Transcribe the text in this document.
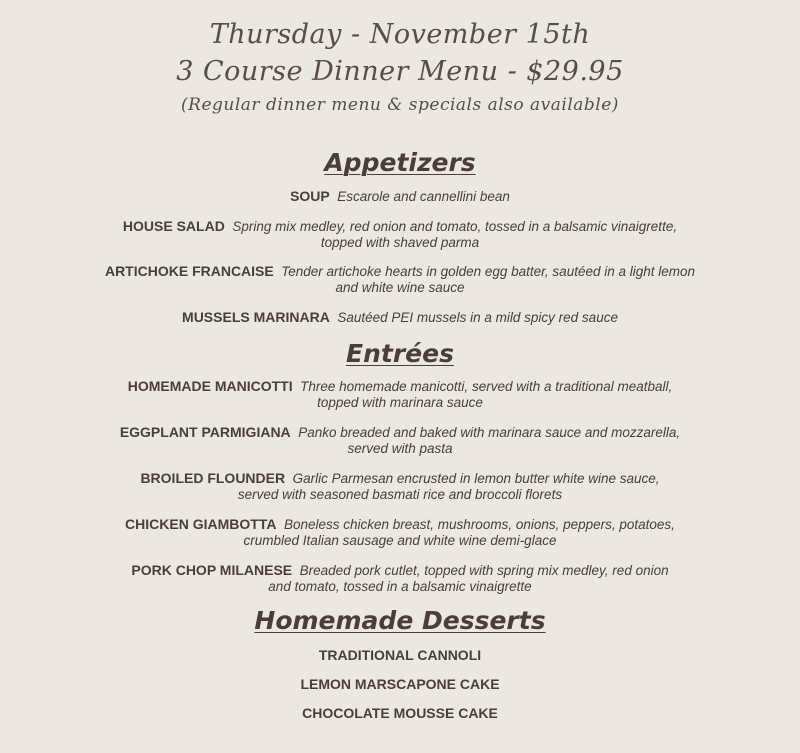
Thursday - November 15th

3 Course Dinner Menu - $29.95

(Regular dinner menu & specials also available)

Appetizers
SOUP Escarole and cannellini bean
HOUSE SALAD Spring mix medley, red onion and tomato, tossed in a balsamic vinaigrette,
topped with shaved parma
ARTICHOKE FRANCAISE Tender artichoke hearts in golden egg batter, sautéed in a light lemon
and white wine sauce
MUSSELS MARINARA Sautéed PEI mussels in a mild spicy red sauce
Entrées
HOMEMADE MANICOTTI Three homemade manicotti, served with a traditional meatball,
topped with marinara sauce
EGGPLANT PARMIGIANA Panko breaded and baked with marinara sauce and mozzarella,
served with pasta
BROILED FLOUNDER Garlic Parmesan encrusted in lemon butter white wine sauce,
served with seasoned basmati rice and broccoli florets
CHICKEN GIAMBOTTA Boneless chicken breast, mushrooms, onions, peppers, potatoes,
crumbled Italian sausage and white wine demi-glace
PORK CHOP MILANESE Breaded pork cutlet, topped with spring mix medley, red onion
and tomato, tossed in a balsamic vinaigrette
Homemade Desserts
TRADITIONAL CANNOLI
LEMON MARSCAPONE CAKE
CHOCOLATE MOUSSE CAKE
